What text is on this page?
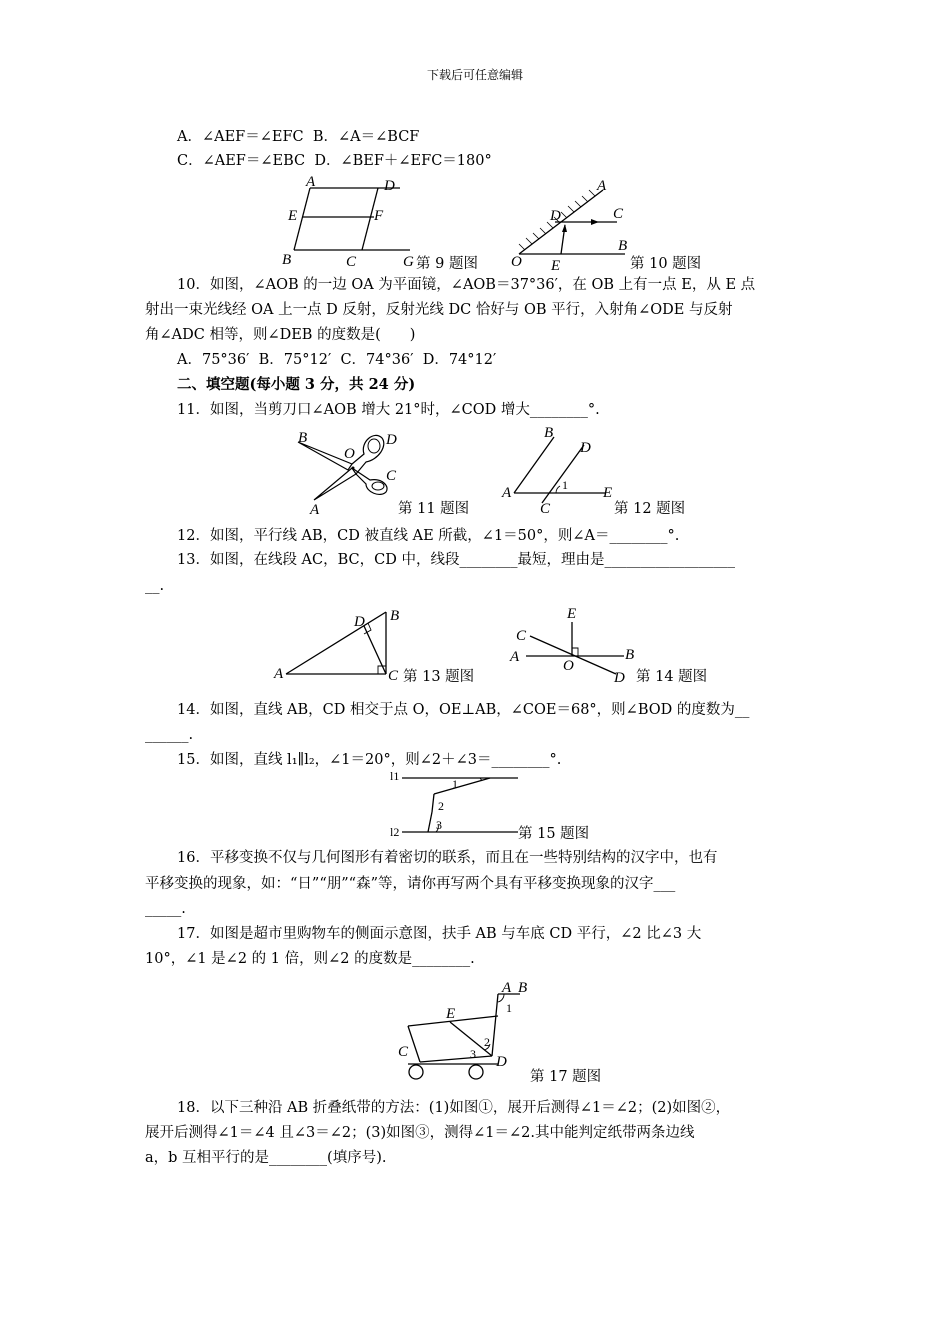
下载后可任意编辑
A．∠AEF＝∠EFC  B．∠A＝∠BCF
C．∠AEF＝∠EBC  D．∠BEF＋∠EFC＝180°
A	D
E	F
B	C	G 第 9 题图
A
D	C
O E
B
第 10 题图
10．如图，∠AOB 的一边 OA 为平面镜，∠AOB＝37°36′，在 OB 上有一点 E，从 E 点
射出一束光线经 OA 上一点 D 反射，反射光线 DC 恰好与 OB 平行，入射角∠ODE 与反射
角∠ADC 相等，则∠DEB 的度数是(　　)
A．75°36′  B．75°12′  C．74°36′  D．74°12′
二、填空题(每小题 3 分，共 24 分)
11．如图，当剪刀口∠AOB 增大 21°时，∠COD 增大________°.
B	D
O
C
A	第 11 题图
B
D
A	1 E
C	第 12 题图
12．如图，平行线 AB，CD 被直线 AE 所截，∠1＝50°，则∠A＝________°.
13．如图，在线段 AC，BC，CD 中，线段________最短，理由是__________________
__.
D B
A	C 第 13 题图
E
C
A
O
B
D 第 14 题图
14．如图，直线 AB，CD 相交于点 O，OE⊥AB，∠COE＝68°，则∠BOD 的度数为__
______.
15．如图，直线 l₁∥l₂，∠1＝20°，则∠2＋∠3＝________°.
l1
1
2
l2	3
第 15 题图
16．平移变换不仅与几何图形有着密切的联系，而且在一些特别结构的汉字中，也有
平移变换的现象，如：“日”“朋”“森”等，请你再写两个具有平移变换现象的汉字___
_____.
17．如图是超市里购物车的侧面示意图，扶手 AB 与车底 CD 平行，∠2 比∠3 大
10°，∠1 是∠2 的 1 倍，则∠2 的度数是________.
A B
1
E
C
2
3 D
第 17 题图
18．以下三种沿 AB 折叠纸带的方法：(1)如图①，展开后测得∠1＝∠2；(2)如图②，
展开后测得∠1＝∠4 且∠3＝∠2；(3)如图③，测得∠1＝∠2.其中能判定纸带两条边线
a，b 互相平行的是________(填序号).
